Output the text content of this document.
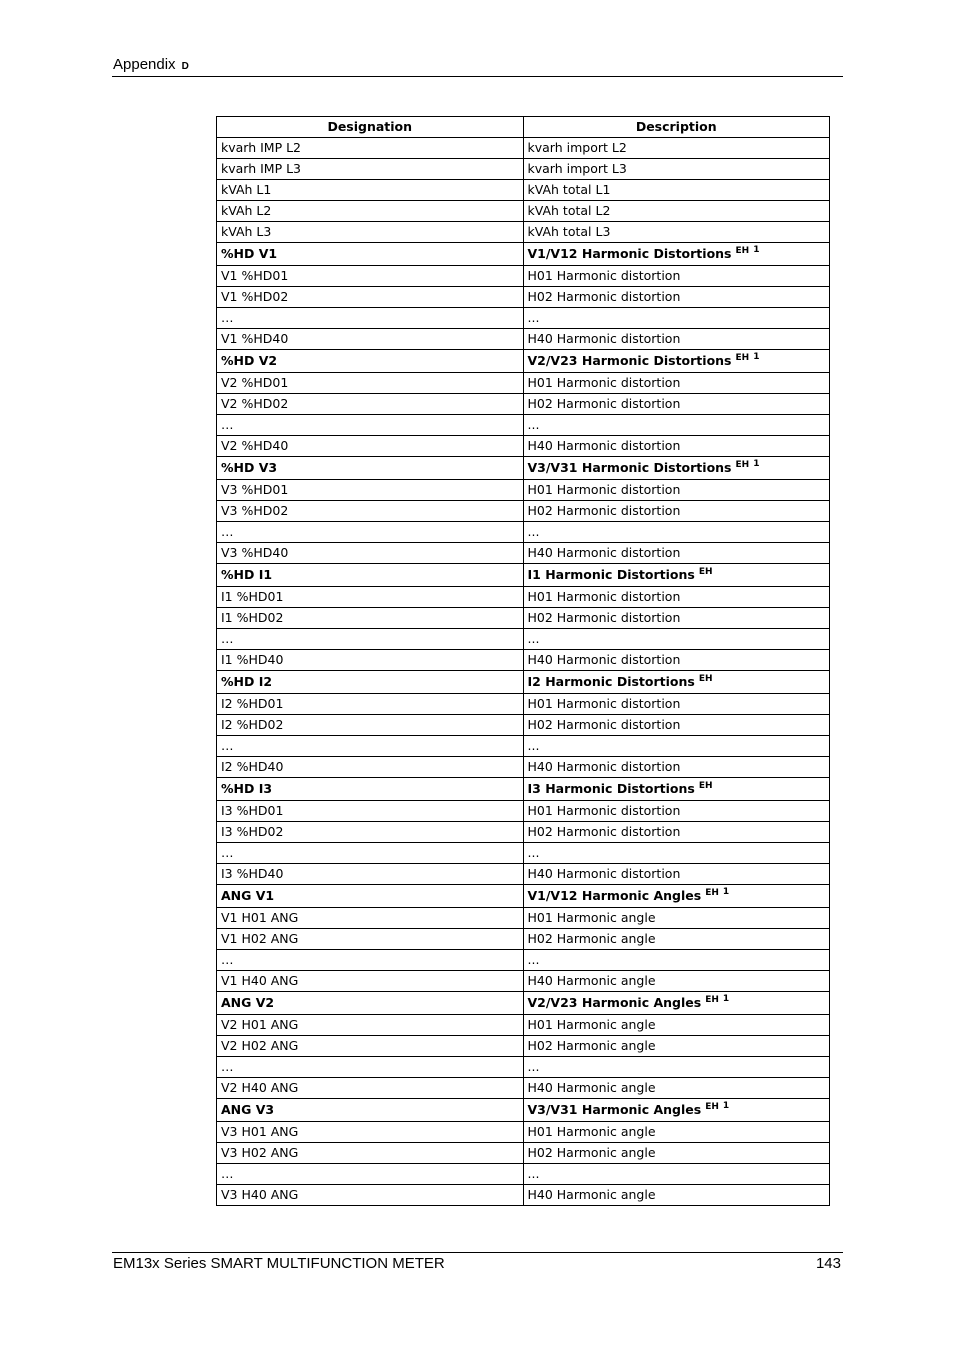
Appendix D
Designation	Description
kvarh IMP L2	kvarh import L2
kvarh IMP L3	kvarh import L3
kVAh L1	kVAh total L1
kVAh L2	kVAh total L2
kVAh L3	kVAh total L3
%HD V1	V1/V12 Harmonic Distortions $^{EH}$ $^1$
V1 %HD01	H01 Harmonic distortion
V1 %HD02	H02 Harmonic distortion
…	...
V1 %HD40	H40 Harmonic distortion
%HD V2	V2/V23 Harmonic Distortions $^{EH}$ $^1$
V2 %HD01	H01 Harmonic distortion
V2 %HD02	H02 Harmonic distortion
…	...
V2 %HD40	H40 Harmonic distortion
%HD V3	V3/V31 Harmonic Distortions $^{EH}$ $^1$
V3 %HD01	H01 Harmonic distortion
V3 %HD02	H02 Harmonic distortion
…	...
V3 %HD40	H40 Harmonic distortion
%HD I1	I1 Harmonic Distortions $^{EH}$
I1 %HD01	H01 Harmonic distortion
I1 %HD02	H02 Harmonic distortion
…	...
I1 %HD40	H40 Harmonic distortion
%HD I2	I2 Harmonic Distortions $^{EH}$
I2 %HD01	H01 Harmonic distortion
I2 %HD02	H02 Harmonic distortion
…	...
I2 %HD40	H40 Harmonic distortion
%HD I3	I3 Harmonic Distortions $^{EH}$
I3 %HD01	H01 Harmonic distortion
I3 %HD02	H02 Harmonic distortion
…	...
I3 %HD40	H40 Harmonic distortion
ANG V1	V1/V12 Harmonic Angles $^{EH}$ $^1$
V1 H01 ANG	H01 Harmonic angle
V1 H02 ANG	H02 Harmonic angle
…	...
V1 H40 ANG	H40 Harmonic angle
ANG V2	V2/V23 Harmonic Angles $^{EH}$ $^1$
V2 H01 ANG	H01 Harmonic angle
V2 H02 ANG	H02 Harmonic angle
…	...
V2 H40 ANG	H40 Harmonic angle
ANG V3	V3/V31 Harmonic Angles $^{EH}$ $^1$
V3 H01 ANG	H01 Harmonic angle
V3 H02 ANG	H02 Harmonic angle
…	...
V3 H40 ANG	H40 Harmonic angle
EM13x Series SMART MULTIFUNCTION METER	143
